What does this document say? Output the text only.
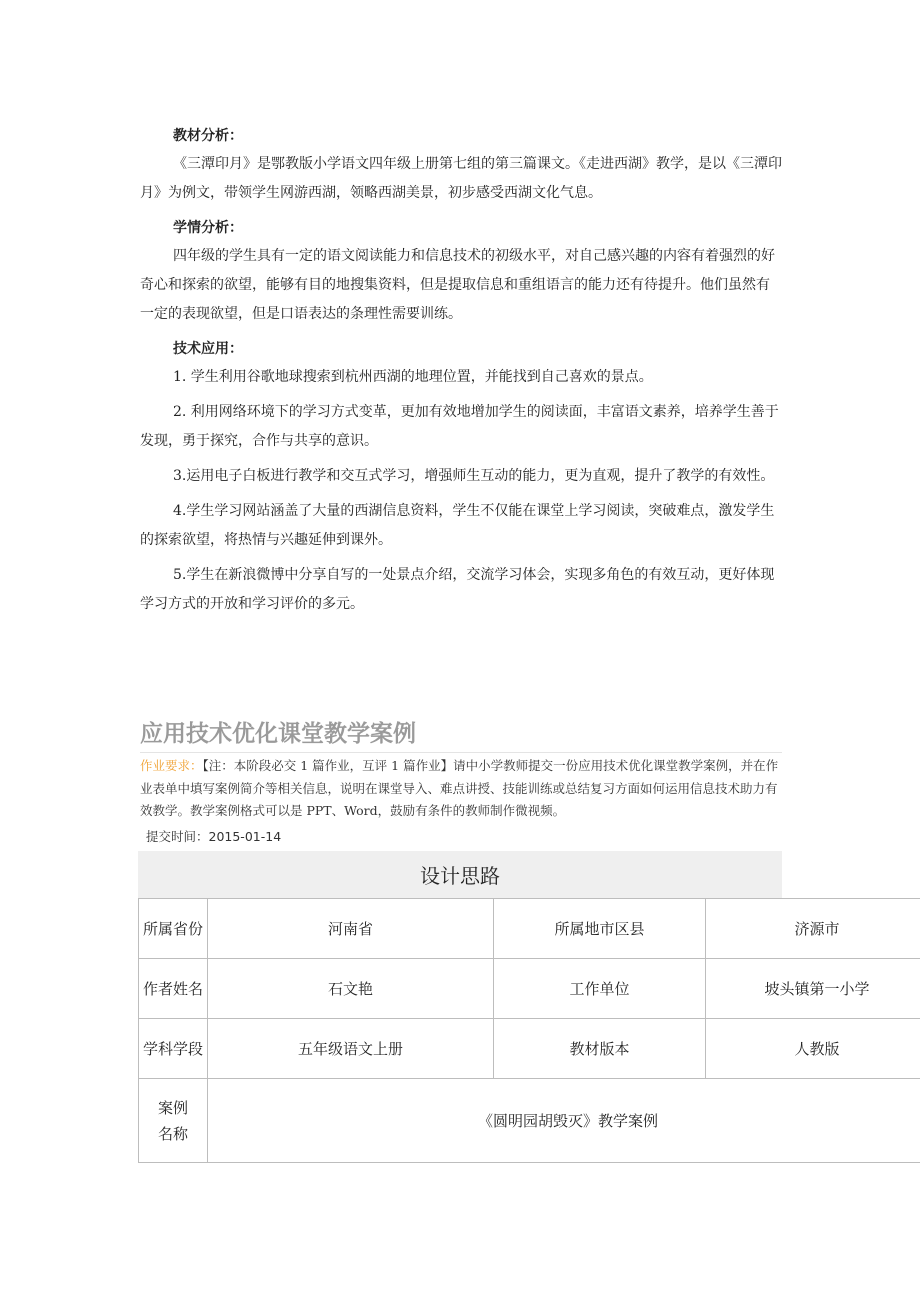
教材分析：

《三潭印月》是鄂教版小学语文四年级上册第七组的第三篇课文。《走进西湖》教学，是以《三潭印月》为例文，带领学生网游西湖，领略西湖美景，初步感受西湖文化气息。

学情分析：

四年级的学生具有一定的语文阅读能力和信息技术的初级水平，对自己感兴趣的内容有着强烈的好奇心和探索的欲望，能够有目的地搜集资料，但是提取信息和重组语言的能力还有待提升。他们虽然有一定的表现欲望，但是口语表达的条理性需要训练。

技术应用：

1. 学生利用谷歌地球搜索到杭州西湖的地理位置，并能找到自己喜欢的景点。

2. 利用网络环境下的学习方式变革，更加有效地增加学生的阅读面，丰富语文素养，培养学生善于发现，勇于探究，合作与共享的意识。

3.运用电子白板进行教学和交互式学习，增强师生互动的能力，更为直观，提升了教学的有效性。

4.学生学习网站涵盖了大量的西湖信息资料，学生不仅能在课堂上学习阅读，突破难点，激发学生的探索欲望，将热情与兴趣延伸到课外。

5.学生在新浪微博中分享自写的一处景点介绍，交流学习体会，实现多角色的有效互动，更好体现学习方式的开放和学习评价的多元。

应用技术优化课堂教学案例
作业要求：【注：本阶段必交 1 篇作业，互评 1 篇作业】请中小学教师提交一份应用技术优化课堂教学案例，并在作业表单中填写案例简介等相关信息，说明在课堂导入、难点讲授、技能训练或总结复习方面如何运用信息技术助力有效教学。教学案例格式可以是 PPT、Word，鼓励有条件的教师制作微视频。
提交时间：2015-01-14
设计思路
所属省份	河南省	所属地市区县	济源市
作者姓名	石文艳	工作单位	坡头镇第一小学
学科学段	五年级语文上册	教材版本	人教版
案例
名称	《圆明园胡毁灭》教学案例		
